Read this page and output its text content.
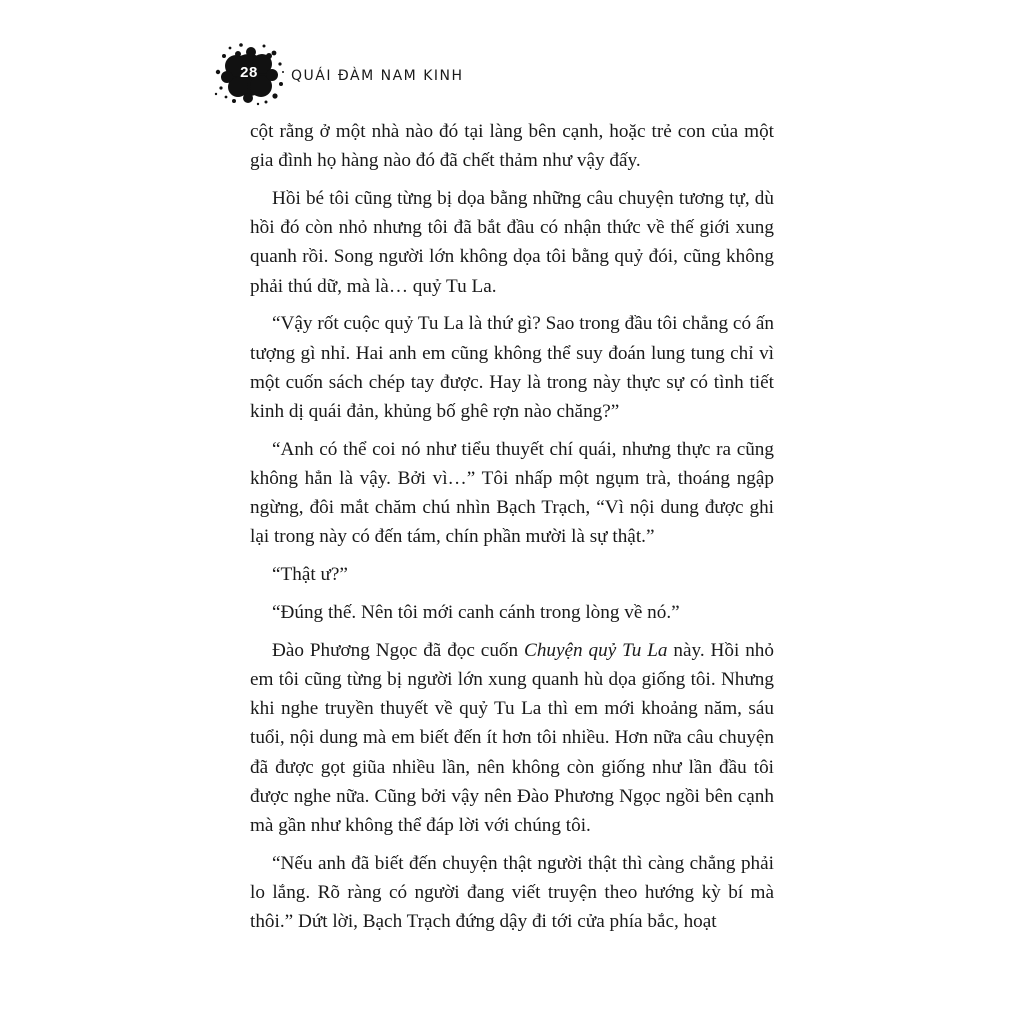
28	QUÁI ĐÀM NAM KINH

cột rằng ở một nhà nào đó tại làng bên cạnh, hoặc trẻ con của một gia đình họ hàng nào đó đã chết thảm như vậy đấy.

Hồi bé tôi cũng từng bị dọa bằng những câu chuyện tương tự, dù hồi đó còn nhỏ nhưng tôi đã bắt đầu có nhận thức về thế giới xung quanh rồi. Song người lớn không dọa tôi bằng quỷ đói, cũng không phải thú dữ, mà là… quỷ Tu La.

“Vậy rốt cuộc quỷ Tu La là thứ gì? Sao trong đầu tôi chẳng có ấn tượng gì nhỉ. Hai anh em cũng không thể suy đoán lung tung chỉ vì một cuốn sách chép tay được. Hay là trong này thực sự có tình tiết kinh dị quái đản, khủng bố ghê rợn nào chăng?”

“Anh có thể coi nó như tiểu thuyết chí quái, nhưng thực ra cũng không hẳn là vậy. Bởi vì…” Tôi nhấp một ngụm trà, thoáng ngập ngừng, đôi mắt chăm chú nhìn Bạch Trạch, “Vì nội dung được ghi lại trong này có đến tám, chín phần mười là sự thật.”

“Thật ư?”

“Đúng thế. Nên tôi mới canh cánh trong lòng về nó.”

Đào Phương Ngọc đã đọc cuốn Chuyện quỷ Tu La này. Hồi nhỏ em tôi cũng từng bị người lớn xung quanh hù dọa giống tôi. Nhưng khi nghe truyền thuyết về quỷ Tu La thì em mới khoảng năm, sáu tuổi, nội dung mà em biết đến ít hơn tôi nhiều. Hơn nữa câu chuyện đã được gọt giũa nhiều lần, nên không còn giống như lần đầu tôi được nghe nữa. Cũng bởi vậy nên Đào Phương Ngọc ngồi bên cạnh mà gần như không thể đáp lời với chúng tôi.

“Nếu anh đã biết đến chuyện thật người thật thì càng chẳng phải lo lắng. Rõ ràng có người đang viết truyện theo hướng kỳ bí mà thôi.” Dứt lời, Bạch Trạch đứng dậy đi tới cửa phía bắc, hoạt
